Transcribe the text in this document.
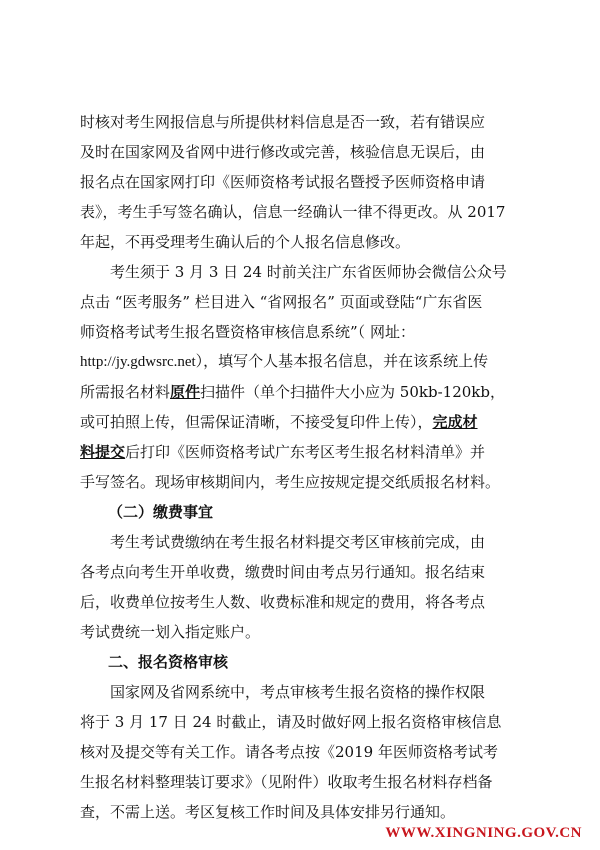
时核对考生网报信息与所提供材料信息是否一致，若有错误应
及时在国家网及省网中进行修改或完善，核验信息无误后，由
报名点在国家网打印《医师资格考试报名暨授予医师资格申请
表》，考生手写签名确认，信息一经确认一律不得更改。从 2017
年起，不再受理考生确认后的个人报名信息修改。
考生须于 3 月 3 日 24 时前关注广东省医师协会微信公众号
点击 “医考服务” 栏目进入 “省网报名” 页面或登陆“广东省医
师资格考试考生报名暨资格审核信息系统”（ 网址：
http://jy.gdwsrc.net），填写个人基本报名信息，并在该系统上传
所需报名材料 原件 扫描件（单个扫描件大小应为 50kb-120kb，
或可拍照上传，但需保证清晰，不接受复印件上传）， 完成材
料提交 后打印《医师资格考试广东考区考生报名材料清单》并
手写签名。现场审核期间内，考生应按规定提交纸质报名材料。
（二）缴费事宜
考生考试费缴纳在考生报名材料提交考区审核前完成，由
各考点向考生开单收费，缴费时间由考点另行通知。报名结束
后，收费单位按考生人数、收费标准和规定的费用，将各考点
考试费统一划入指定账户。
二、报名资格审核
国家网及省网系统中，考点审核考生报名资格的操作权限
将于 3 月 17 日 24 时截止，请及时做好网上报名资格审核信息
核对及提交等有关工作。请各考点按《2019 年医师资格考试考
生报名材料整理装订要求》（见附件）收取考生报名材料存档备
查，不需上送。考区复核工作时间及具体安排另行通知。
WWW.XINGNING.GOV.CN
